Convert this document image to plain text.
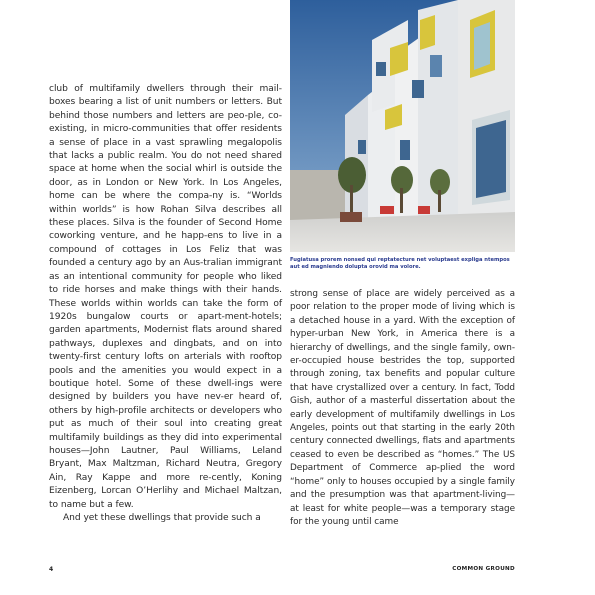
club of multifamily dwellers through their mail-boxes bearing a list of unit numbers or letters. But behind those numbers and letters are peo-ple, co-existing, in micro-communities that offer residents a sense of place in a vast sprawling megalopolis that lacks a public realm. You do not need shared space at home when the social whirl is outside the door, as in London or New York. In Los Angeles, home can be where the compa-ny is. “Worlds within worlds” is how Rohan Silva describes all these places. Silva is the founder of Second Home coworking venture, and he happ-ens to live in a compound of cottages in Los Feliz that was founded a century ago by an Aus-tralian immigrant as an intentional community for people who liked to ride horses and make things with their hands. These worlds within worlds can take the form of 1920s bungalow courts or apart-ment-hotels; garden apartments, Modernist flats around shared pathways, duplexes and dingbats, and on into twenty-first century lofts on arterials with rooftop pools and the amenities you would expect in a boutique hotel. Some of these dwell-ings were designed by builders you have nev-er heard of, others by high-profile architects or developers who put as much of their soul into creating great multifamily buildings as they did into experimental houses—John Lautner, Paul Williams, Leland Bryant, Max Maltzman, Richard Neutra, Gregory Ain, Ray Kappe and more re-cently, Koning Eizenberg, Lorcan O’Herlihy and Michael Maltzan, to name but a few.

And yet these dwellings that provide such a

Fugiatusa prorem nonsed qui reptatecture net voluptaest expliga ntempos aut ed magniendo dolupta orovid ma volore.

strong sense of place are widely perceived as a poor relation to the proper mode of living which is a detached house in a yard. With the exception of hyper-urban New York, in America there is a hierarchy of dwellings, and the single family, own-er-occupied house bestrides the top, supported through zoning, tax benefits and popular culture that have crystallized over a century. In fact, Todd Gish, author of a masterful dissertation about the early development of multifamily dwellings in Los Angeles, points out that starting in the early 20th century connected dwellings, flats and apartments ceased to even be described as “homes.” The US Department of Commerce ap-plied the word “home” only to houses occupied by a single family and the presumption was that apartment-living—at least for white people—was a temporary stage for the young until came

4	COMMON GROUND
